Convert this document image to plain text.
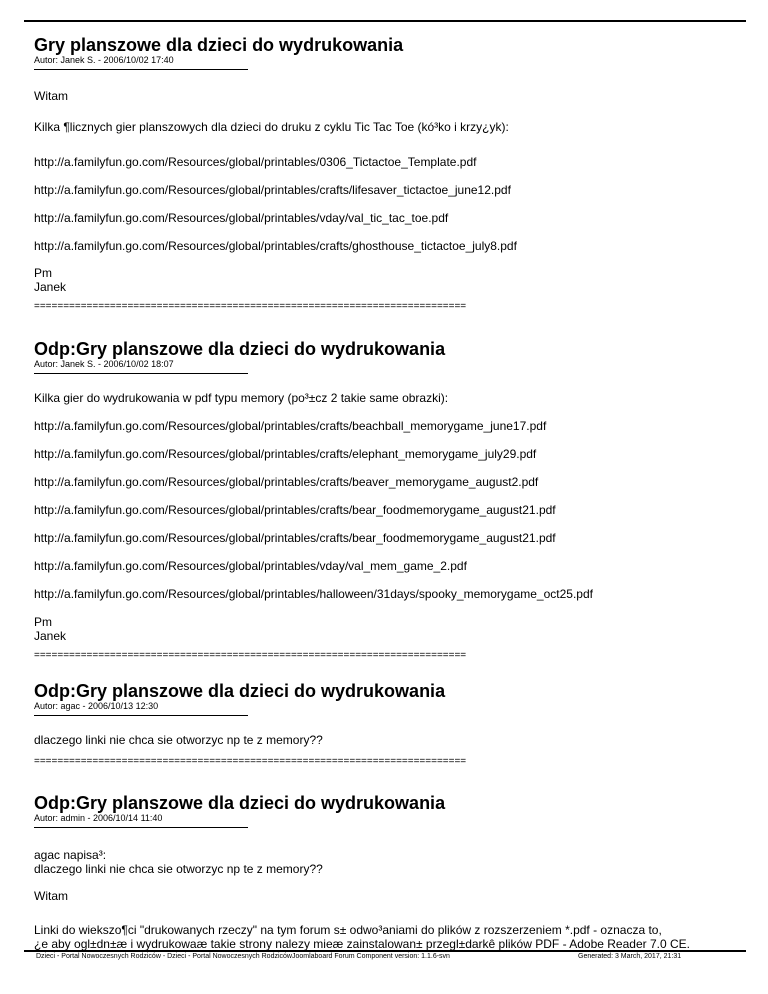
Gry planszowe dla dzieci do wydrukowania

Autor: Janek S. - 2006/10/02 17:40

Witam

Kilka ¶licznych gier planszowych dla dzieci do druku z cyklu Tic Tac Toe (kó³ko i krzy¿yk):

http://a.familyfun.go.com/Resources/global/printables/0306_Tictactoe_Template.pdf

http://a.familyfun.go.com/Resources/global/printables/crafts/lifesaver_tictactoe_june12.pdf

http://a.familyfun.go.com/Resources/global/printables/vday/val_tic_tac_toe.pdf

http://a.familyfun.go.com/Resources/global/printables/crafts/ghosthouse_tictactoe_july8.pdf

Pm

Janek

==========================================================================

Odp:Gry planszowe dla dzieci do wydrukowania

Autor: Janek S. - 2006/10/02 18:07

Kilka gier do wydrukowania w pdf typu memory (po³±cz 2 takie same obrazki):

http://a.familyfun.go.com/Resources/global/printables/crafts/beachball_memorygame_june17.pdf

http://a.familyfun.go.com/Resources/global/printables/crafts/elephant_memorygame_july29.pdf

http://a.familyfun.go.com/Resources/global/printables/crafts/beaver_memorygame_august2.pdf

http://a.familyfun.go.com/Resources/global/printables/crafts/bear_foodmemorygame_august21.pdf

http://a.familyfun.go.com/Resources/global/printables/crafts/bear_foodmemorygame_august21.pdf

http://a.familyfun.go.com/Resources/global/printables/vday/val_mem_game_2.pdf

http://a.familyfun.go.com/Resources/global/printables/halloween/31days/spooky_memorygame_oct25.pdf

Pm

Janek

==========================================================================

Odp:Gry planszowe dla dzieci do wydrukowania

Autor: agac - 2006/10/13 12:30

dlaczego linki nie chca sie otworzyc np te z memory??

==========================================================================

Odp:Gry planszowe dla dzieci do wydrukowania

Autor: admin - 2006/10/14 11:40

agac napisa³:

dlaczego linki nie chca sie otworzyc np te z memory??

Witam

Linki do wiekszo¶ci "drukowanych rzeczy" na tym forum s± odwo³aniami do plików z rozszerzeniem *.pdf - oznacza to,

¿e aby ogl±dn±æ i wydrukowaæ takie strony nalezy mieæ zainstalowan± przegl±darkê plików PDF - Adobe Reader 7.0 CE.

Dzieci - Portal Nowoczesnych Rodziców - Dzieci - Portal Nowoczesnych RodzicówJoomlaboard Forum Component version: 1.1.6-svn	Generated: 3 March, 2017, 21:31
